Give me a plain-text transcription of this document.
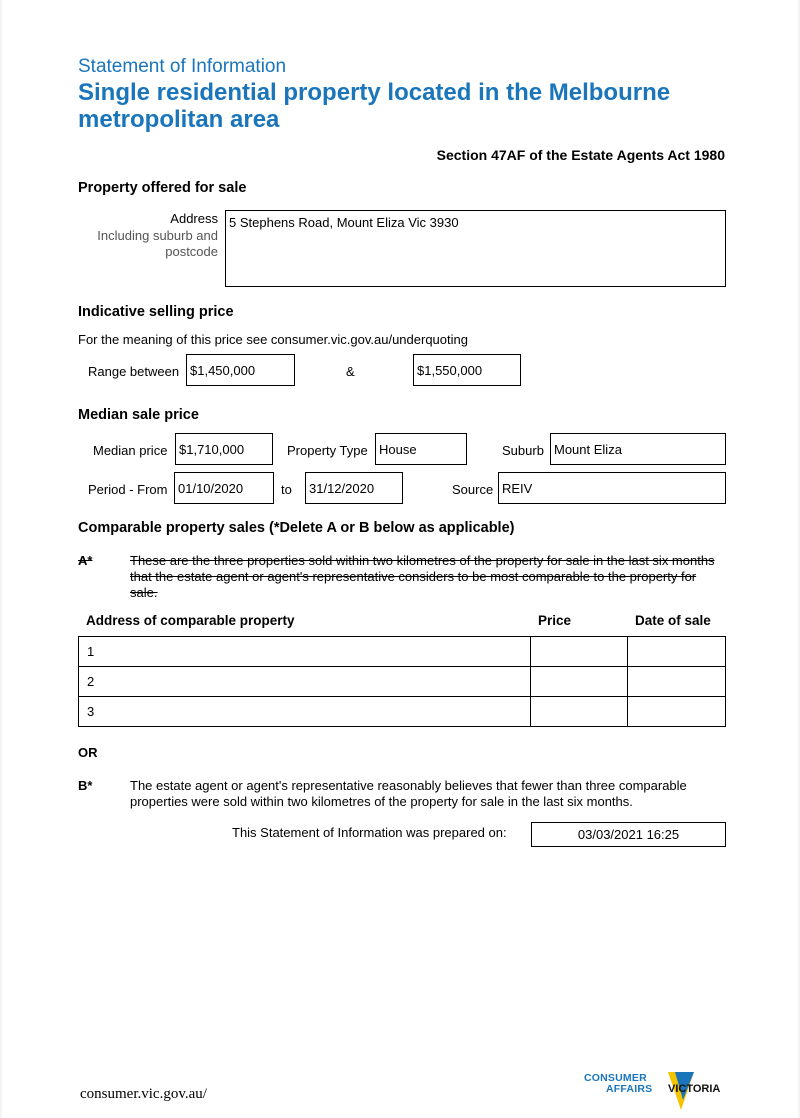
Statement of Information
Single residential property located in the Melbourne metropolitan area
Section 47AF of the Estate Agents Act 1980
Property offered for sale
Address
Including suburb and postcode
5 Stephens Road, Mount Eliza Vic 3930
Indicative selling price
For the meaning of this price see consumer.vic.gov.au/underquoting
Range between $1,450,000	&	$1,550,000
Median sale price
Median price $1,710,000	Property Type House	Suburb Mount Eliza
Period - From 01/10/2020	to	31/12/2020	Source REIV
Comparable property sales (*Delete A or B below as applicable)
A*	These are the three properties sold within two kilometres of the property for sale in the last six months that the estate agent or agent's representative considers to be most comparable to the property for sale.
Address of comparable property	Price	Date of sale
1		
2		
3		
OR
B*	The estate agent or agent's representative reasonably believes that fewer than three comparable properties were sold within two kilometres of the property for sale in the last six months.
This Statement of Information was prepared on:	03/03/2021 16:25
consumer.vic.gov.au/
CONSUMER
AFFAIRS VICTORIA
